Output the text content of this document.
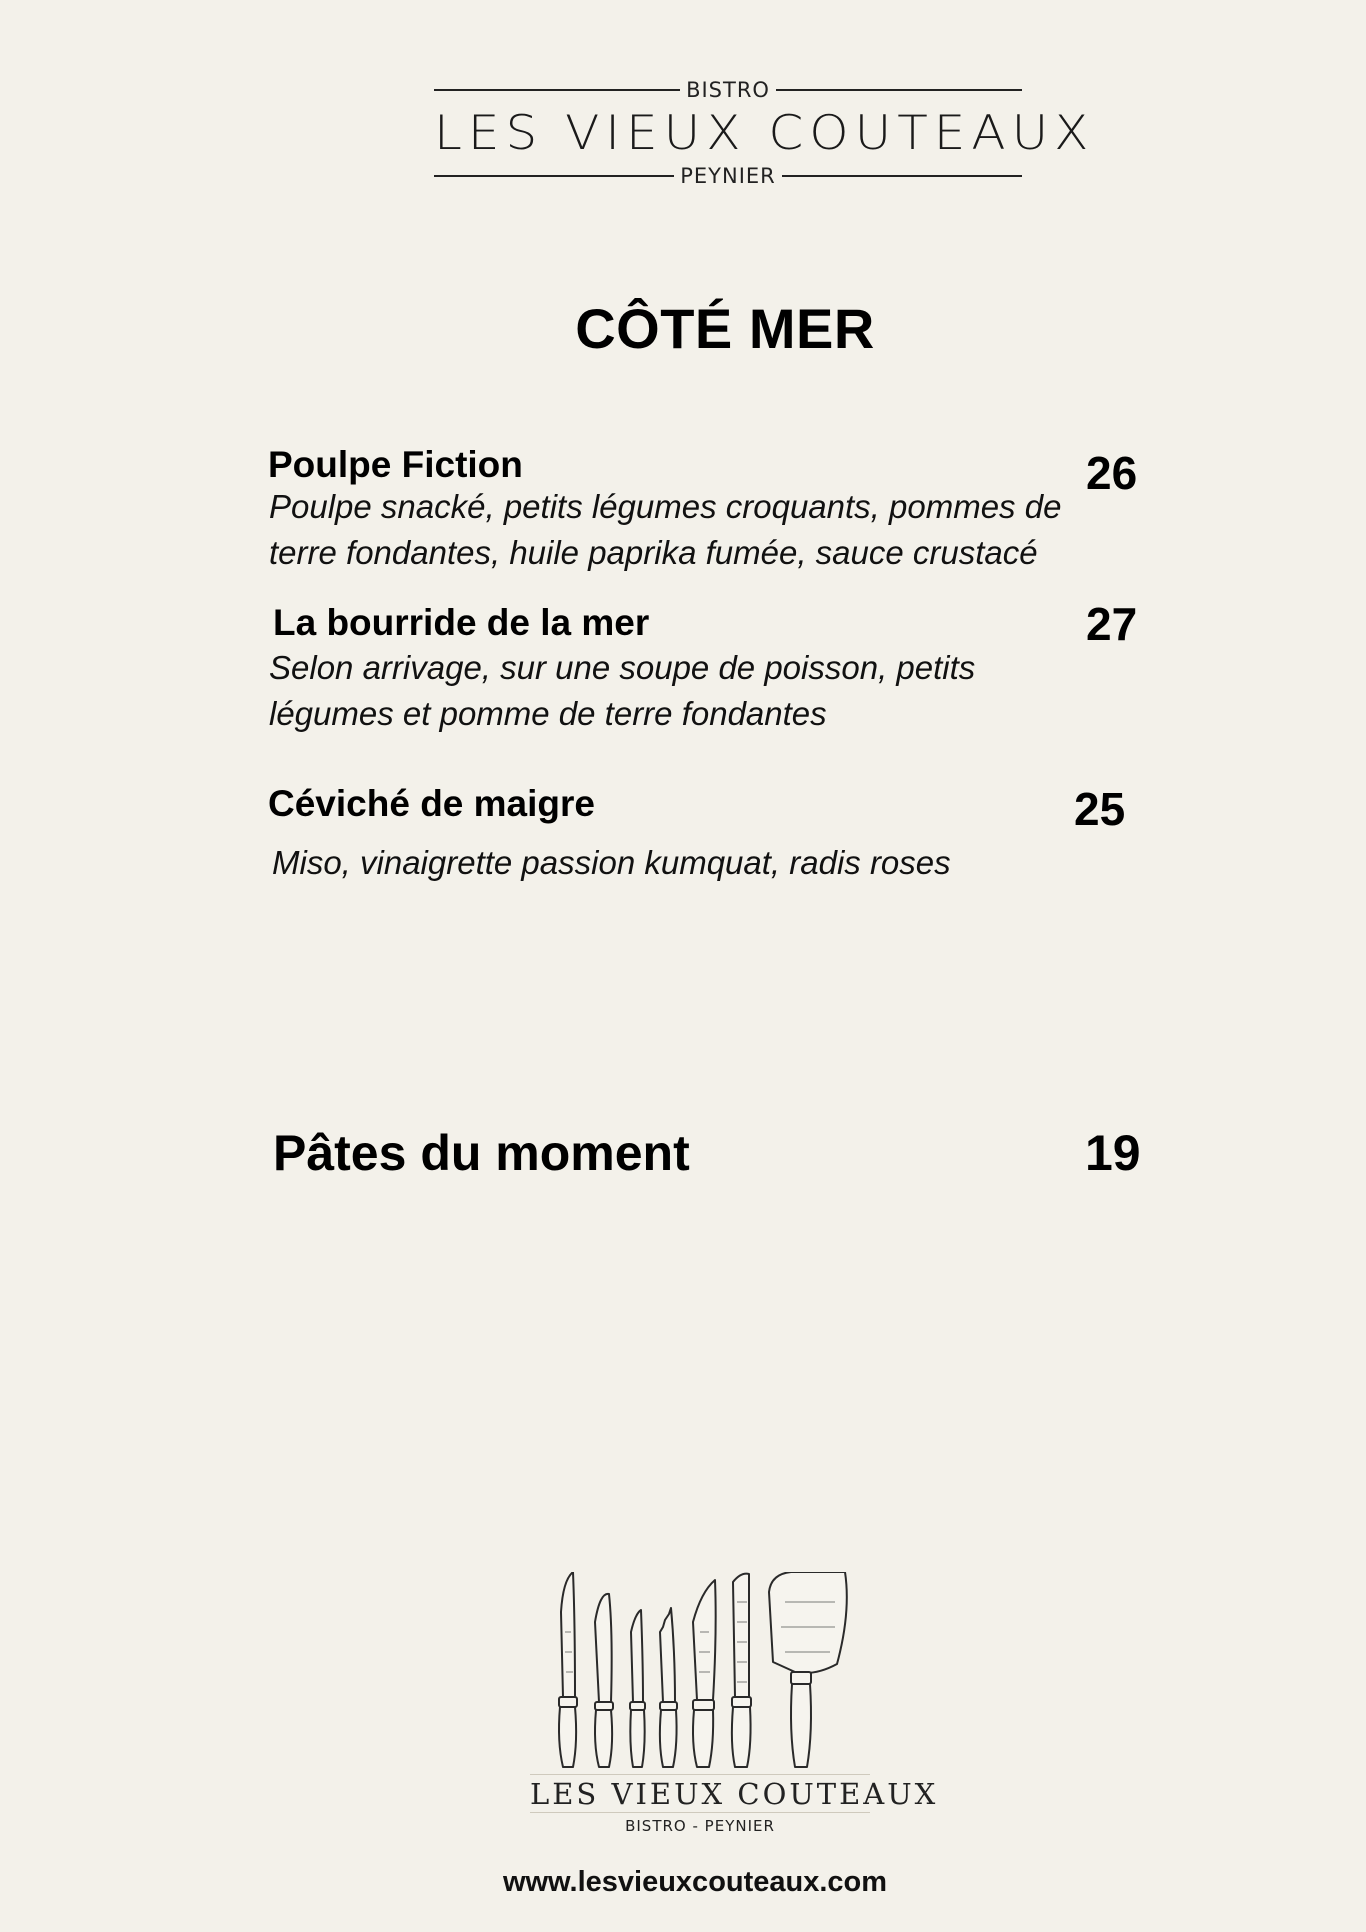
BISTRO
LES VIEUX COUTEAUX
PEYNIER
CÔTÉ MER
Poulpe Fiction	26
Poulpe snacké, petits légumes croquants, pommes de
terre fondantes, huile paprika fumée, sauce crustacé
La bourride de la mer	27
Selon arrivage, sur une soupe de poisson, petits
légumes et pomme de terre fondantes
Céviché de maigre	25
Miso, vinaigrette passion kumquat, radis roses
Pâtes du moment	19
LES VIEUX COUTEAUX
BISTRO - PEYNIER
www.lesvieuxcouteaux.com
